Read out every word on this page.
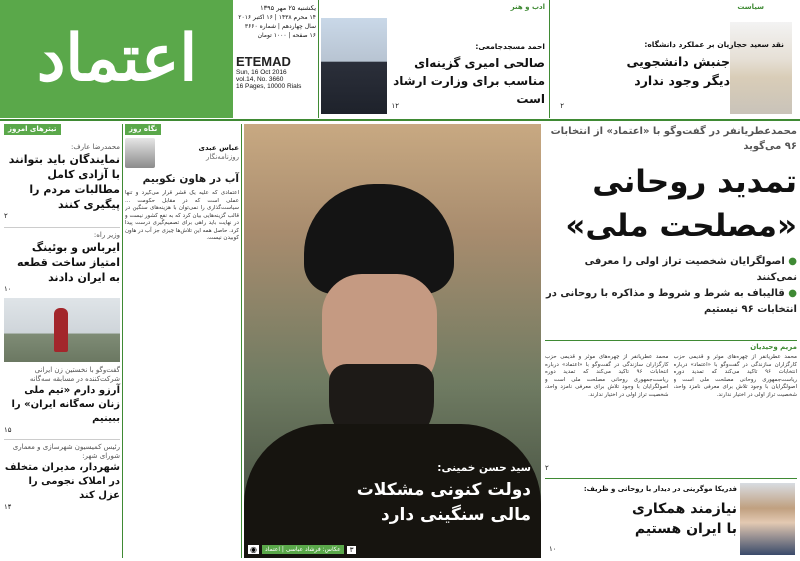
اعتماد
یکشنبه ۲۵ مهر ۱۳۹۵
۱۴ محرم ۱۴۳۸ | ۱۶ اکتبر ۲۰۱۶
سال چهاردهم | شماره ۳۶۶۰
۱۶ صفحه | ۱۰۰۰ تومان
ETEMAD
Sun, 16 Oct 2016
vol.14, No. 3660
16 Pages, 10000 Rials
ادب و هنر
احمد مسجدجامعی:
صالحی امیری گزینه‌ای مناسب برای وزارت ارشاد است
۱۲
سیاست
نقد سعید حجاریان بر عملکرد دانشگاه:
جنبش دانشجویی دیگر وجود ندارد
۲
تیترهای امروز
محمدرضا عارف:
نمایندگان باید بتوانند با آزادی کامل مطالبات مردم را پیگیری کنند
۲
وزیر راه:
ایرباس و بوئینگ امتیاز ساخت قطعه به ایران دادند
۱۰
گفت‌وگو با نخستین زن ایرانی شرکت‌کننده در مسابقه سه‌گانه
آرزو دارم «تیم ملی زنان سه‌گانه ایران» را ببینیم
۱۵
رئیس کمیسیون شهرسازی و معماری شورای شهر:
شهردار، مدیران متخلف در املاک نجومی را عزل کند
۱۴
نگاه روز
عباس عبدی
روزنامه‌نگار
آب در هاون نکوبیم

اعتمادی که علیه یک قشر قرار می‌گیرد و تنها عملی است که در مقابل حکومت ... سیاست‌گذاری را نمی‌توان با هزینه‌های سنگین در قالب گزینه‌هایی بیان کرد که به نفع کشور نیست و در نهایت باید راهی برای تصمیم‌گیری درست پیدا کرد. حاصل همه این تلاش‌ها چیزی جز آب در هاون کوبیدن نیست.

سید حسن خمینی:
دولت کنونی مشکلات مالی سنگینی دارد
۳
عکاس: فرشاد عباسی | اعتماد
◉
محمدعطریانفر در گفت‌وگو با «اعتماد» از انتخابات ۹۶ می‌گوید
تمدید روحانی «مصلحت ملی»
● اصولگرایان شخصیت تراز اولی را معرفی نمی‌کنند
● قالیباف به شرط و شروط و مذاکره با روحانی در انتخابات ۹۶ نیستیم
مریم وحیدیان

محمد عطریانفر از چهره‌های موثر و قدیمی حزب کارگزاران سازندگی در گفت‌وگو با «اعتماد» درباره انتخابات ۹۶ تاکید می‌کند که تمدید دوره ریاست‌جمهوری روحانی مصلحت ملی است و اصولگرایان با وجود تلاش برای معرفی نامزد واحد، شخصیت تراز اولی در اختیار ندارند.

محمد عطریانفر از چهره‌های موثر و قدیمی حزب کارگزاران سازندگی در گفت‌وگو با «اعتماد» درباره انتخابات ۹۶ تاکید می‌کند که تمدید دوره ریاست‌جمهوری روحانی مصلحت ملی است و اصولگرایان با وجود تلاش برای معرفی نامزد واحد، شخصیت تراز اولی در اختیار ندارند.

۲
فدریکا موگرینی در دیدار با روحانی و ظریف:
نیازمند همکاری با ایران هستیم
۱۰
